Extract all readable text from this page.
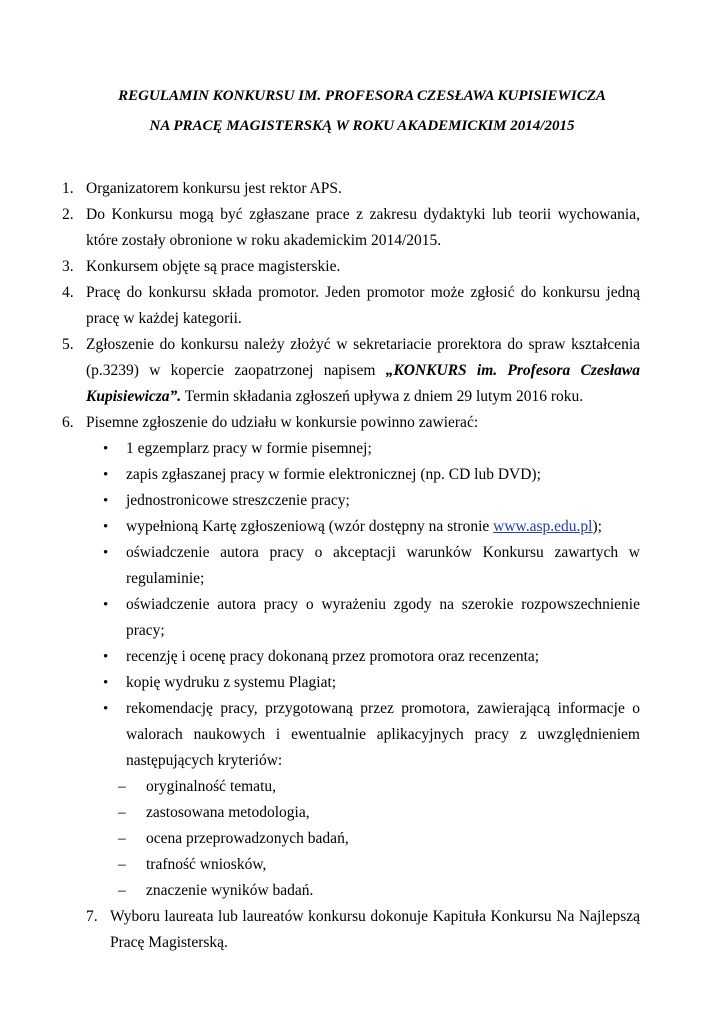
REGULAMIN KONKURSU IM. PROFESORA CZESŁAWA KUPISIEWICZA
NA PRACĘ MAGISTERSKĄ W ROKU AKADEMICKIM 2014/2015
1. Organizatorem konkursu jest rektor APS.
2. Do Konkursu mogą być zgłaszane prace z zakresu dydaktyki lub teorii wychowania, które zostały obronione w roku akademickim 2014/2015.
3. Konkursem objęte są prace magisterskie.
4. Pracę do konkursu składa promotor. Jeden promotor może zgłosić do konkursu jedną pracę w każdej kategorii.
5. Zgłoszenie do konkursu należy złożyć w sekretariacie prorektora do spraw kształcenia (p.3239) w kopercie zaopatrzonej napisem „KONKURS im. Profesora Czesława Kupisiewicza”. Termin składania zgłoszeń upływa z dniem 29 lutym 2016 roku.
6. Pisemne zgłoszenie do udziału w konkursie powinno zawierać:
• 1 egzemplarz pracy w formie pisemnej;
• zapis zgłaszanej pracy w formie elektronicznej (np. CD lub DVD);
• jednostronicowe streszczenie pracy;
• wypełnioną Kartę zgłoszeniową (wzór dostępny na stronie www.asp.edu.pl);
• oświadczenie autora pracy o akceptacji warunków Konkursu zawartych w regulaminie;
• oświadczenie autora pracy o wyrażeniu zgody na szerokie rozpowszechnienie pracy;
• recenzję i ocenę pracy dokonaną przez promotora oraz recenzenta;
• kopię wydruku z systemu Plagiat;
• rekomendację pracy, przygotowaną przez promotora, zawierającą informacje o walorach naukowych i ewentualnie aplikacyjnych pracy z uwzględnieniem następujących kryteriów:
– oryginalność tematu,
– zastosowana metodologia,
– ocena przeprowadzonych badań,
– trafność wniosków,
– znaczenie wyników badań.
7. Wyboru laureata lub laureatów konkursu dokonuje Kapituła Konkursu Na Najlepszą Pracę Magisterską.
